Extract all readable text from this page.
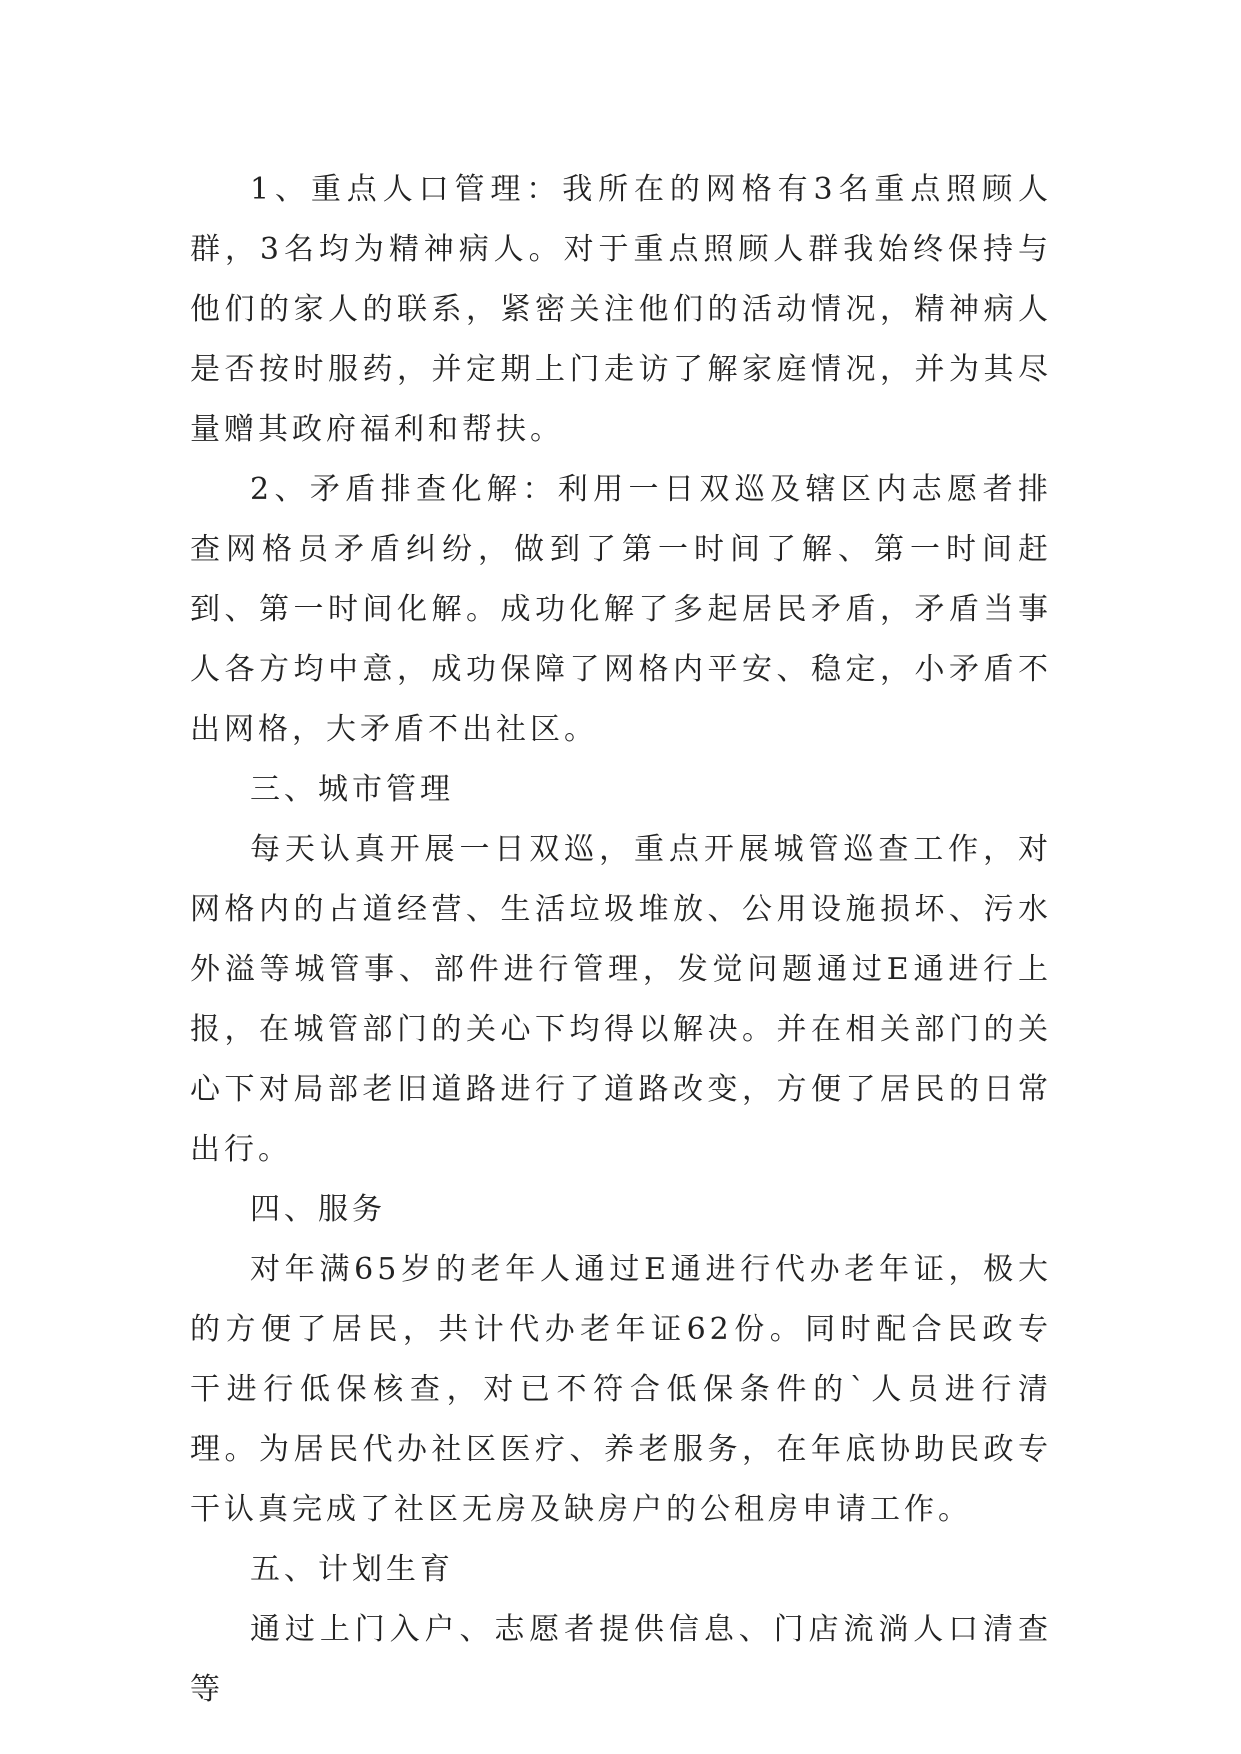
1、重点人口管理：我所在的网格有3名重点照顾人群，3名均为精神病人。对于重点照顾人群我始终保持与他们的家人的联系，紧密关注他们的活动情况，精神病人是否按时服药，并定期上门走访了解家庭情况，并为其尽量赠其政府福利和帮扶。

2、矛盾排查化解：利用一日双巡及辖区内志愿者排查网格员矛盾纠纷，做到了第一时间了解、第一时间赶到、第一时间化解。成功化解了多起居民矛盾，矛盾当事人各方均中意，成功保障了网格内平安、稳定，小矛盾不出网格，大矛盾不出社区。

三、城市管理

每天认真开展一日双巡，重点开展城管巡查工作，对网格内的占道经营、生活垃圾堆放、公用设施损坏、污水外溢等城管事、部件进行管理，发觉问题通过E通进行上报，在城管部门的关心下均得以解决。并在相关部门的关心下对局部老旧道路进行了道路改变，方便了居民的日常出行。

四、服务

对年满65岁的老年人通过E通进行代办老年证，极大的方便了居民，共计代办老年证62份。同时配合民政专干进行低保核查，对已不符合低保条件的`人员进行清理。为居民代办社区医疗、养老服务，在年底协助民政专干认真完成了社区无房及缺房户的公租房申请工作。

五、计划生育

通过上门入户、志愿者提供信息、门店流淌人口清查等
